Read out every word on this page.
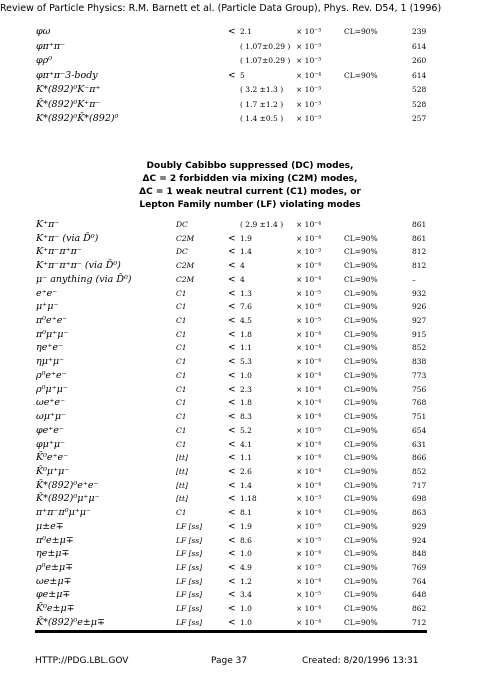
Review of Particle Physics: R.M. Barnett et al. (Particle Data Group), Phys. Rev. D54, 1 (1996)
φω	< 2.1	× 10⁻³	CL=90%	239
φπ⁺π⁻	( 1.07±0.29 ) × 10⁻³	614
φρ⁰	( 1.07±0.29 ) × 10⁻³	260
φπ⁺π⁻3-body	< 5	× 10⁻⁴	CL=90%	614
K*(892)⁰K⁻π⁺	( 3.2 ±1.3 ) × 10⁻³	528
K̄*(892)⁰K⁺π⁻	( 1.7 ±1.2 ) × 10⁻³	528
K*(892)⁰K̄*(892)⁰	( 1.4 ±0.5 ) × 10⁻³	257
K⁺π⁻	DC	( 2.9 ±1.4 ) × 10⁻⁴	861
K⁺π⁻ (via D̄⁰)	C2M	< 1.9	× 10⁻⁴	CL=90%	861
K⁺π⁻π⁺π⁻	DC	< 1.4	× 10⁻³	CL=90%	812
K⁺π⁻π⁺π⁻ (via D̄⁰)	C2M	< 4	× 10⁻⁴	CL=90%	812
μ⁻ anything (via D̄⁰)	C2M	< 4	× 10⁻⁴	CL=90%	–
e⁺e⁻	C1	< 1.3	× 10⁻⁵	CL=90%	932
μ⁺μ⁻	C1	< 7.6	× 10⁻⁶	CL=90%	926
π⁰e⁺e⁻	C1	< 4.5	× 10⁻⁵	CL=90%	927
π⁰μ⁺μ⁻	C1	< 1.8	× 10⁻⁴	CL=90%	915
ηe⁺e⁻	C1	< 1.1	× 10⁻⁴	CL=90%	852
ημ⁺μ⁻	C1	< 5.3	× 10⁻⁴	CL=90%	838
ρ⁰e⁺e⁻	C1	< 1.0	× 10⁻⁴	CL=90%	773
ρ⁰μ⁺μ⁻	C1	< 2.3	× 10⁻⁴	CL=90%	756
ωe⁺e⁻	C1	< 1.8	× 10⁻⁴	CL=90%	768
ωμ⁺μ⁻	C1	< 8.3	× 10⁻⁴	CL=90%	751
φe⁺e⁻	C1	< 5.2	× 10⁻⁵	CL=90%	654
φμ⁺μ⁻	C1	< 4.1	× 10⁻⁴	CL=90%	631
K̄⁰e⁺e⁻	[tt]	< 1.1	× 10⁻⁴	CL=90%	866
K̄⁰μ⁺μ⁻	[tt]	< 2.6	× 10⁻⁴	CL=90%	852
K̄*(892)⁰e⁺e⁻	[tt]	< 1.4	× 10⁻⁴	CL=90%	717
K̄*(892)⁰μ⁺μ⁻	[tt]	< 1.18	× 10⁻³	CL=90%	698
π⁺π⁻π⁰μ⁺μ⁻	C1	< 8.1	× 10⁻⁴	CL=90%	863
μ±e∓	LF [ss]	< 1.9	× 10⁻⁵	CL=90%	929
π⁰e±μ∓	LF [ss]	< 8.6	× 10⁻⁵	CL=90%	924
ηe±μ∓	LF [ss]	< 1.0	× 10⁻⁴	CL=90%	848
ρ⁰e±μ∓	LF [ss]	< 4.9	× 10⁻⁵	CL=90%	769
ωe±μ∓	LF [ss]	< 1.2	× 10⁻⁴	CL=90%	764
φe±μ∓	LF [ss]	< 3.4	× 10⁻⁵	CL=90%	648
K̄⁰e±μ∓	LF [ss]	< 1.0	× 10⁻⁴	CL=90%	862
K̄*(892)⁰e±μ∓	LF [ss]	< 1.0	× 10⁻⁴	CL=90%	712
Doubly Cabibbo suppressed (DC) modes,
ΔC = 2 forbidden via mixing (C2M) modes,
ΔC = 1 weak neutral current (C1) modes, or
Lepton Family number (LF) violating modes
HTTP://PDG.LBL.GOV	Page 37	Created: 8/20/1996 13:31
